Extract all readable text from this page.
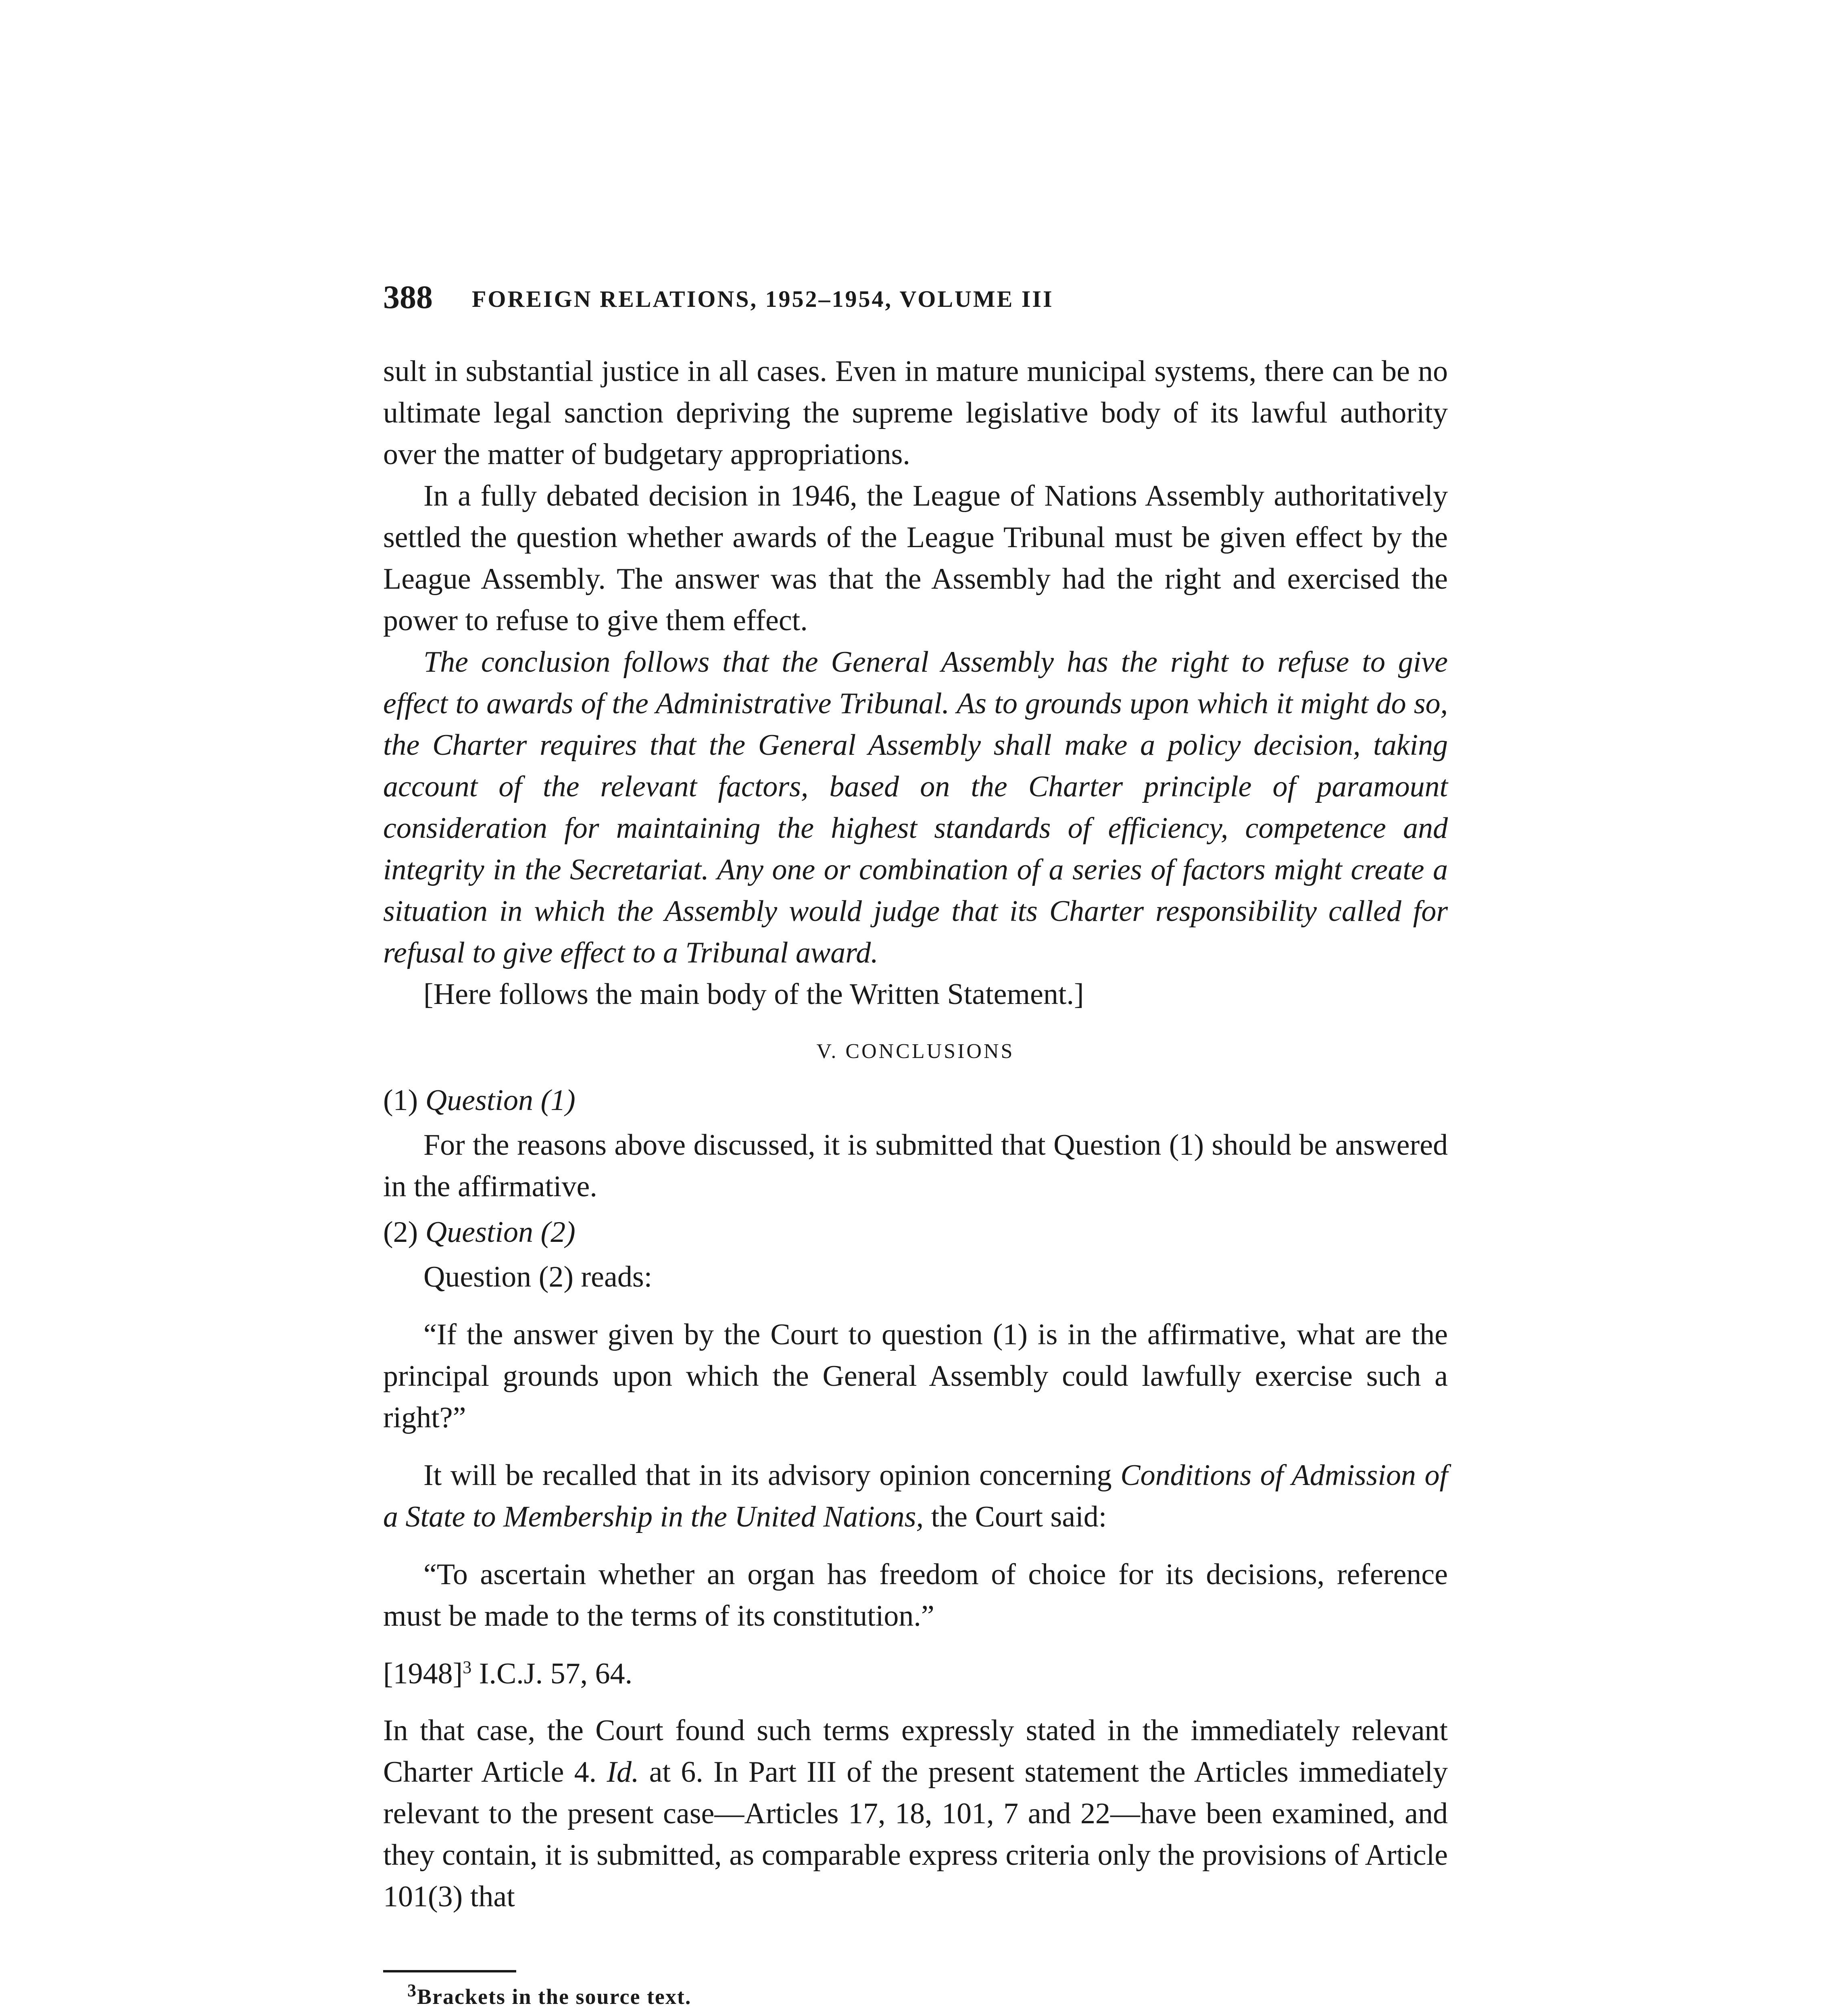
388 FOREIGN RELATIONS, 1952–1954, VOLUME III

sult in substantial justice in all cases. Even in mature municipal systems, there can be no ultimate legal sanction depriving the supreme legislative body of its lawful authority over the matter of budgetary appropriations.

In a fully debated decision in 1946, the League of Nations Assembly authoritatively settled the question whether awards of the League Tribunal must be given effect by the League Assembly. The answer was that the Assembly had the right and exercised the power to refuse to give them effect.

The conclusion follows that the General Assembly has the right to refuse to give effect to awards of the Administrative Tribunal. As to grounds upon which it might do so, the Charter requires that the General Assembly shall make a policy decision, taking account of the relevant factors, based on the Charter principle of paramount consideration for maintaining the highest standards of efficiency, competence and integrity in the Secretariat. Any one or combination of a series of factors might create a situation in which the Assembly would judge that its Charter responsibility called for refusal to give effect to a Tribunal award.

[Here follows the main body of the Written Statement.]

V. CONCLUSIONS

(1) Question (1)

For the reasons above discussed, it is submitted that Question (1) should be answered in the affirmative.

(2) Question (2)

Question (2) reads:

“If the answer given by the Court to question (1) is in the affirmative, what are the principal grounds upon which the General Assembly could lawfully exercise such a right?”

It will be recalled that in its advisory opinion concerning Conditions of Admission of a State to Membership in the United Nations, the Court said:

“To ascertain whether an organ has freedom of choice for its decisions, reference must be made to the terms of its constitution.”

$[1948]^3$ I.C.J. 57, 64.

In that case, the Court found such terms expressly stated in the immediately relevant Charter Article 4. Id. at 6. In Part III of the present statement the Articles immediately relevant to the present case—Articles 17, 18, 101, 7 and 22—have been examined, and they contain, it is submitted, as comparable express criteria only the provisions of Article 101(3) that

$^3$Brackets in the source text.
